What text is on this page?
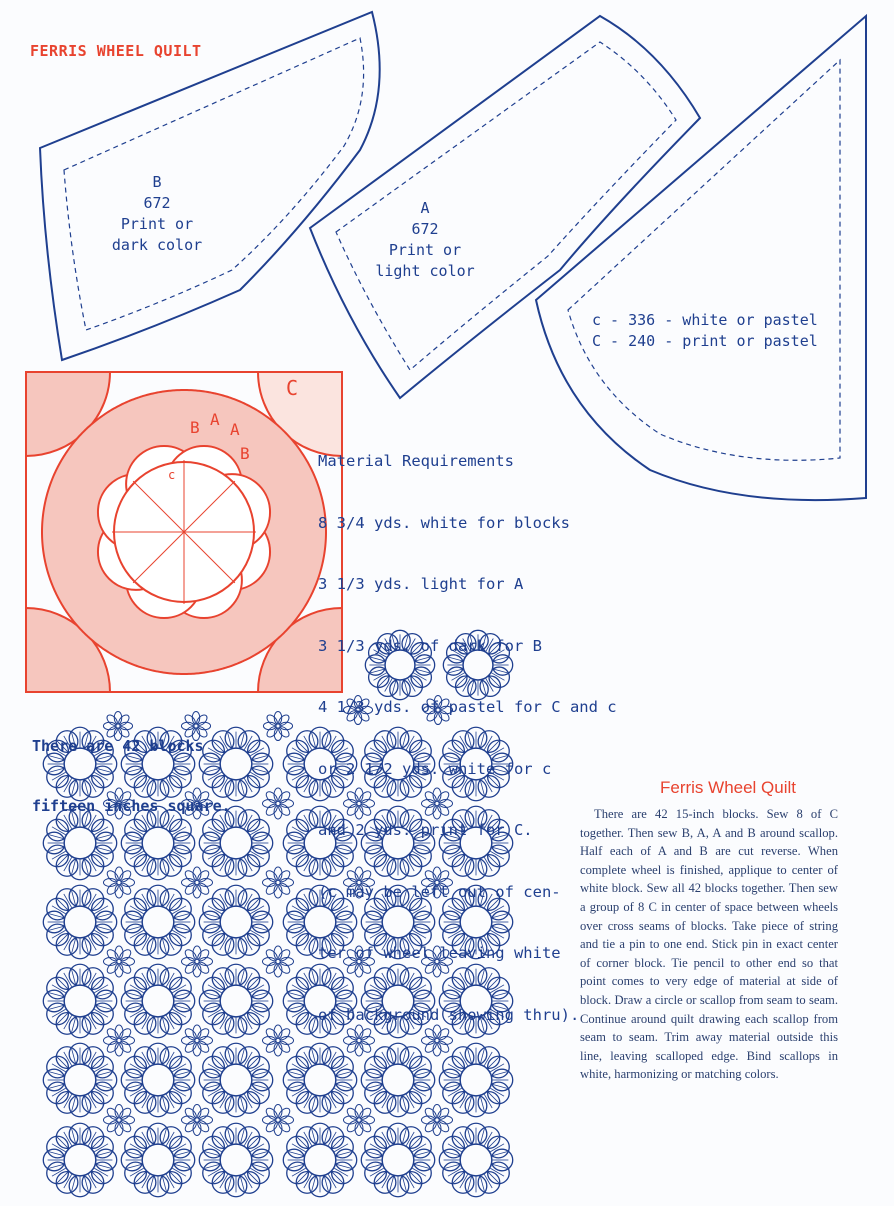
FERRIS WHEEL QUILT
B
672
Print or
dark color
A
672
Print or
light color
c - 336 - white or pastel
C - 240 - print or pastel
C
B A
A
B
c

Material Requirements

8 3/4 yds. white for blocks

3 1/3 yds. light for A

3 1/3 yds. of dark for B

4 1/3 yds. of pastel for C and c

or 2 1/2 yds. white for c

and 2 yds. print for C.

(c may be left out of cen-

ter of wheel leaving white

of background showing thru).

There are 42 blocks

fifteen inches square.

Ferris Wheel Quilt

There are 42 15-inch blocks. Sew 8 of C together. Then sew B, A, A and B around scallop. Half each of A and B are cut reverse. When complete wheel is finished, applique to center of white block. Sew all 42 blocks together. Then sew a group of 8 C in center of space between wheels over cross seams of blocks. Take piece of string and tie a pin to one end. Stick pin in exact center of corner block. Tie pencil to other end so that point comes to very edge of material at side of block. Draw a circle or scallop from seam to seam. Continue around quilt drawing each scallop from seam to seam. Trim away material outside this line, leaving scalloped edge. Bind scallops in white, harmonizing or matching colors.
